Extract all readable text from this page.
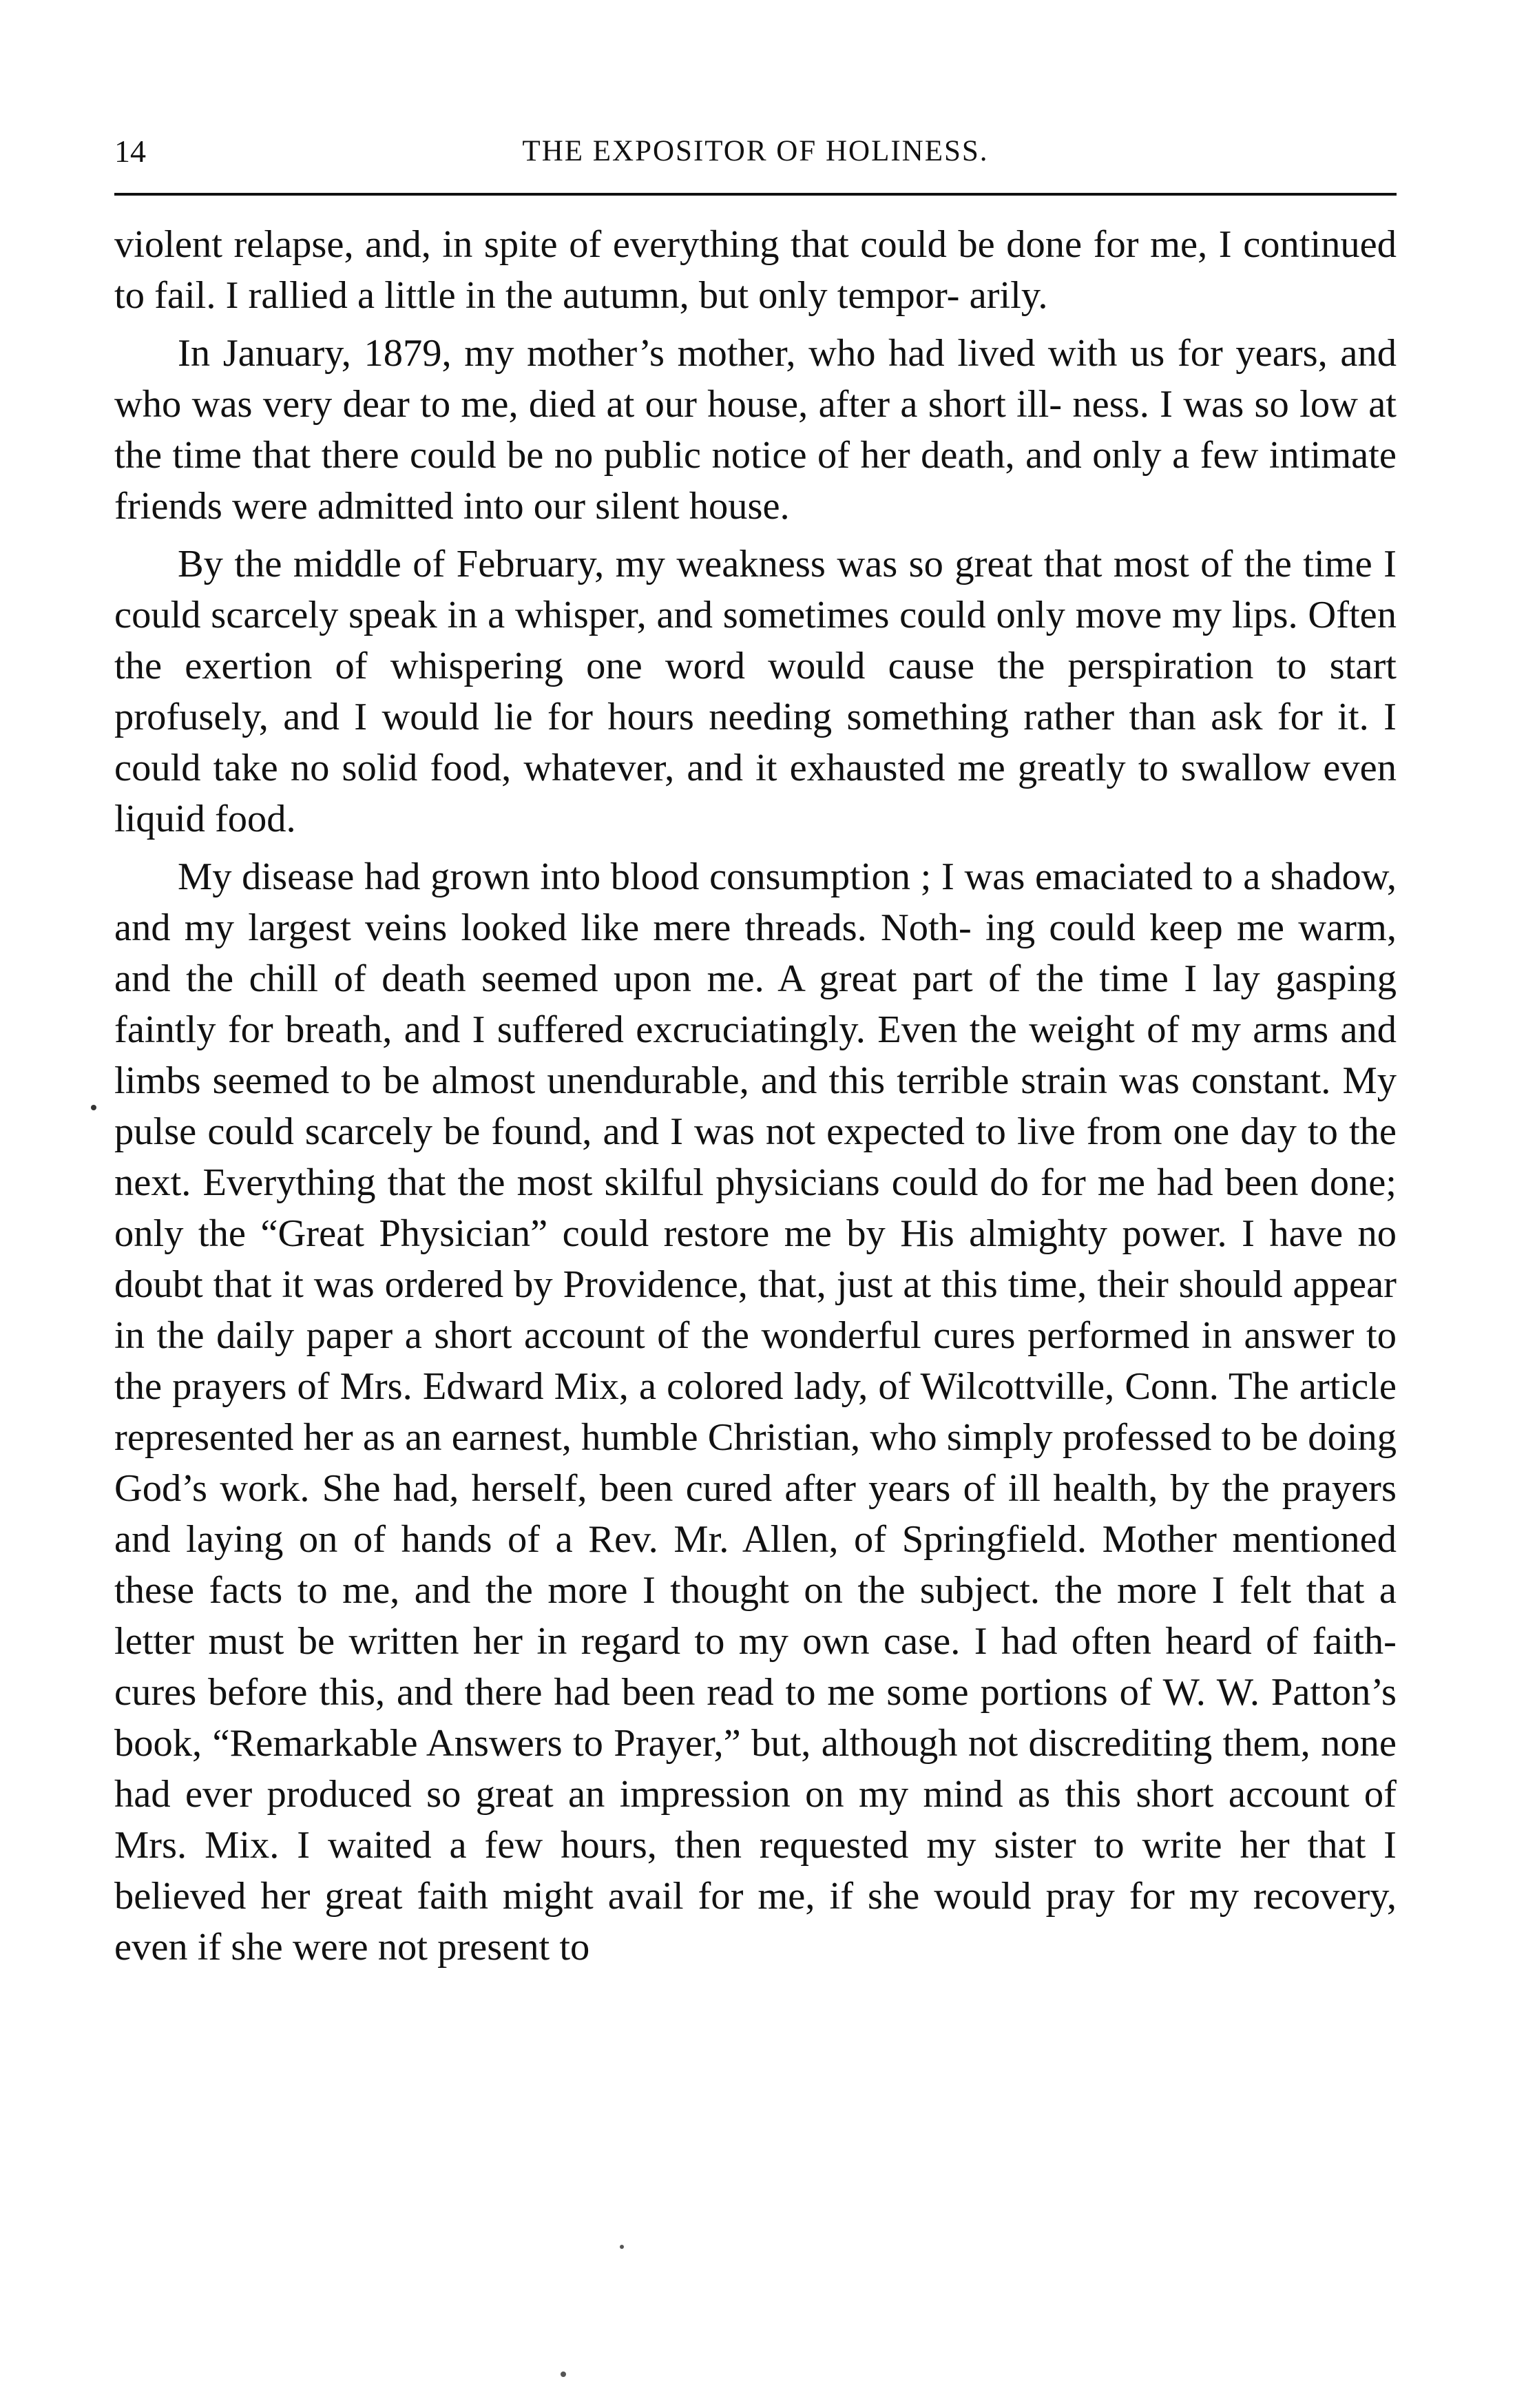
14	THE EXPOSITOR OF HOLINESS.

violent relapse, and, in spite of everything that could be done for me, I continued to fail. I rallied a little in the autumn, but only tempor- arily.

In January, 1879, my mother’s mother, who had lived with us for years, and who was very dear to me, died at our house, after a short ill- ness. I was so low at the time that there could be no public notice of her death, and only a few intimate friends were admitted into our silent house.

By the middle of February, my weakness was so great that most of the time I could scarcely speak in a whisper, and sometimes could only move my lips. Often the exertion of whispering one word would cause the perspiration to start profusely, and I would lie for hours needing something rather than ask for it. I could take no solid food, whatever, and it exhausted me greatly to swallow even liquid food.

My disease had grown into blood consumption ; I was emaciated to a shadow, and my largest veins looked like mere threads. Noth- ing could keep me warm, and the chill of death seemed upon me. A great part of the time I lay gasping faintly for breath, and I suffered excruciatingly. Even the weight of my arms and limbs seemed to be almost unendurable, and this terrible strain was constant. My pulse could scarcely be found, and I was not expected to live from one day to the next. Everything that the most skilful physicians could do for me had been done; only the “Great Physician” could restore me by His almighty power. I have no doubt that it was ordered by Providence, that, just at this time, their should appear in the daily paper a short account of the wonderful cures performed in answer to the prayers of Mrs. Edward Mix, a colored lady, of Wilcottville, Conn. The article represented her as an earnest, humble Christian, who simply professed to be doing God’s work. She had, herself, been cured after years of ill health, by the prayers and laying on of hands of a Rev. Mr. Allen, of Springfield. Mother mentioned these facts to me, and the more I thought on the subject. the more I felt that a letter must be written her in regard to my own case. I had often heard of faith-cures before this, and there had been read to me some portions of W. W. Patton’s book, “Remarkable Answers to Prayer,” but, although not discrediting them, none had ever produced so great an impression on my mind as this short account of Mrs. Mix. I waited a few hours, then requested my sister to write her that I believed her great faith might avail for me, if she would pray for my recovery, even if she were not present to
